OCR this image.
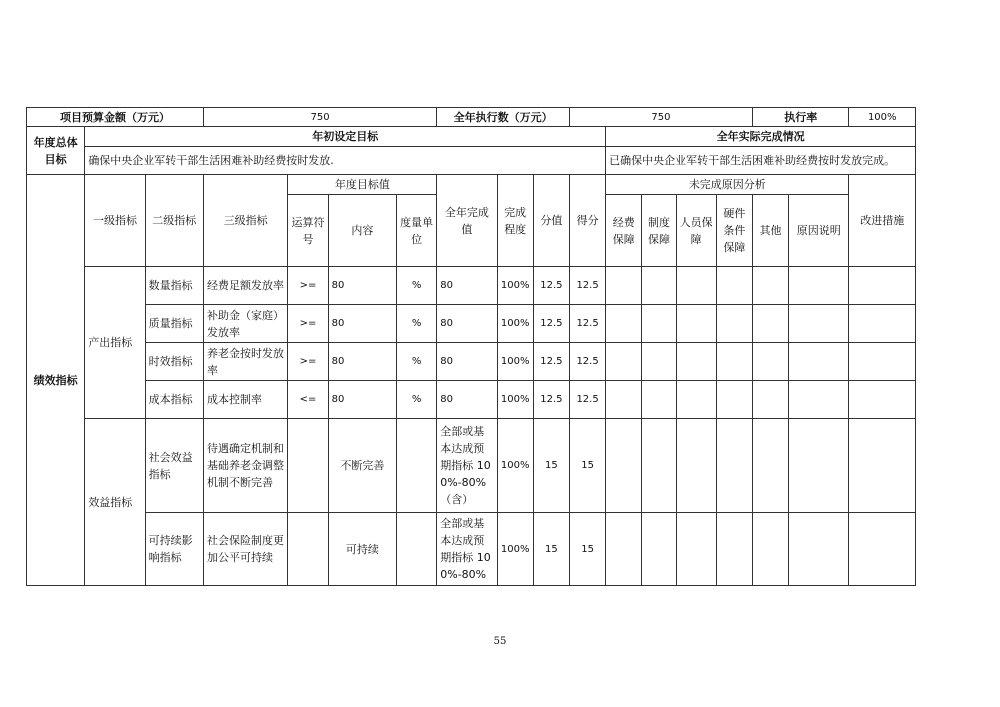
项目预算金额（万元）			750				全年执行数（万元）			750					执行率		100%
年度总体目标	年初设定目标										全年实际完成情况						
	确保中央企业军转干部生活困难补助经费按时发放.										已确保中央企业军转干部生活困难补助经费按时发放完成。						
绩效指标	一级指标	二级指标	三级指标	年度目标值			全年完成值	完成程度	分值	得分	未完成原因分析						改进措施
				运算符号	内容	度量单位					经费保障	制度保障	人员保障	硬件条件保障	其他	原因说明	
	产出指标	数量指标	经费足额发放率	>=	80	%	80	100%	12.5	12.5							
		质量指标	补助金（家庭）发放率	>=	80	%	80	100%	12.5	12.5							
		时效指标	养老金按时发放率	>=	80	%	80	100%	12.5	12.5							
		成本指标	成本控制率	<=	80	%	80	100%	12.5	12.5							
	效益指标	社会效益指标	待遇确定机制和基础养老金调整机制不断完善		不断完善		全部或基本达成预期指标 100%-80%（含）	100%	15	15							
		可持续影响指标	社会保险制度更加公平可持续		可持续		全部或基本达成预期指标 100%-80%	100%	15	15							
55
